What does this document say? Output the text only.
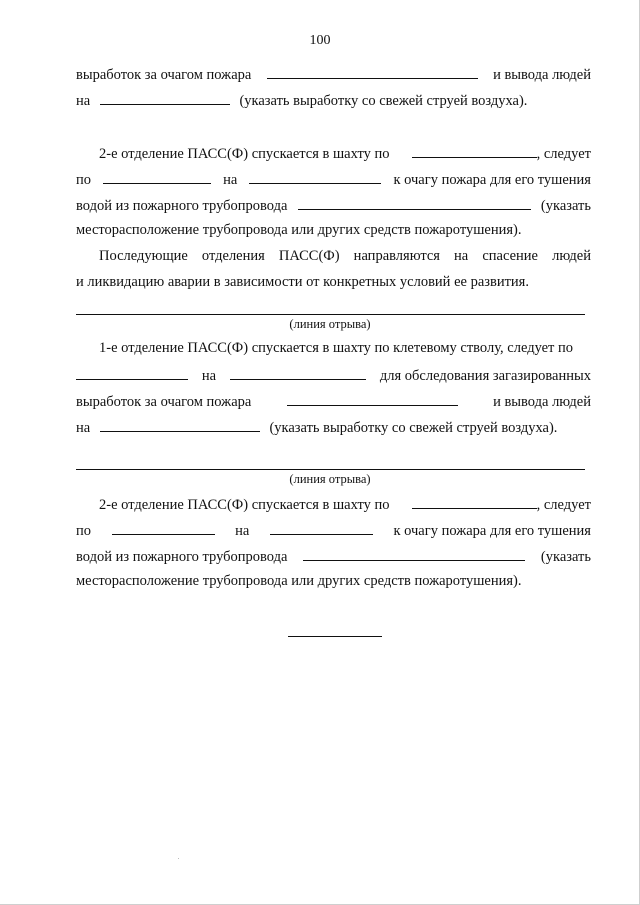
100
выработок за очагом пожара	и вывода людей
на	(указать выработку со свежей струей воздуха).
2-е отделение ПАСС(Ф) спускается в шахту по	, следует
по	на	к очагу пожара для его тушения
водой из пожарного трубопровода	(указать
месторасположение трубопровода или других средств пожаротушения).
Последующие отделения ПАСС(Ф) направляются на спасение людей
и ликвидацию аварии в зависимости от конкретных условий ее развития.
(линия отрыва)
1-е отделение ПАСС(Ф) спускается в шахту по клетевому стволу, следует по
на	для обследования загазированных
выработок за очагом пожара	и вывода людей
на	(указать выработку со свежей струей воздуха).
(линия отрыва)
2-е отделение ПАСС(Ф) спускается в шахту по	, следует
по	на	к очагу пожара для его тушения
водой из пожарного трубопровода	(указать
месторасположение трубопровода или других средств пожаротушения).
